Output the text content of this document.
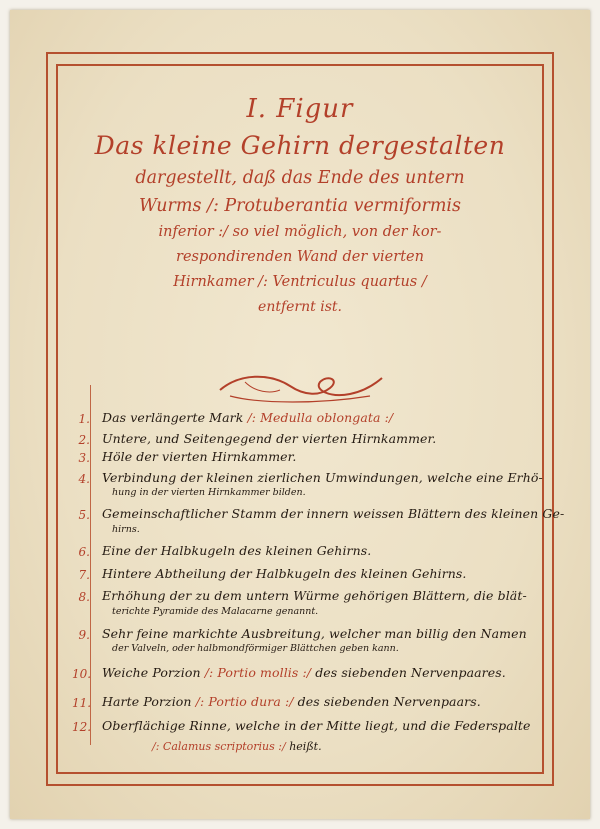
I. Figur
Das kleine Gehirn dergestalten
dargestellt, daß das Ende des untern
Wurms /: Protuberantia vermiformis
inferior :/ so viel möglich, von der kor-
respondirenden Wand der vierten
Hirnkamer /: Ventriculus quartus /
entfernt ist.
1. Das verlängerte Mark /: Medulla oblongata :/
2. Untere, und Seitengegend der vierten Hirnkammer.
3. Höle der vierten Hirnkammer.
4. Verbindung der kleinen zierlichen Umwindungen, welche eine Erhö-
hung in der vierten Hirnkammer bilden.
5. Gemeinschaftlicher Stamm der innern weissen Blättern des kleinen Ge-
hirns.
6. Eine der Halbkugeln des kleinen Gehirns.
7. Hintere Abtheilung der Halbkugeln des kleinen Gehirns.
8. Erhöhung der zu dem untern Würme gehörigen Blättern, die blät-
terichte Pyramide des Malacarne genannt.
9. Sehr feine markichte Ausbreitung, welcher man billig den Namen
der Valveln, oder halbmondförmiger Blättchen geben kann.
10. Weiche Porzion /: Portio mollis :/ des siebenden Nervenpaares.
11. Harte Porzion /: Portio dura :/ des siebenden Nervenpaars.
12. Oberflächige Rinne, welche in der Mitte liegt, und die Federspalte
/: Calamus scriptorius :/ heißt.
